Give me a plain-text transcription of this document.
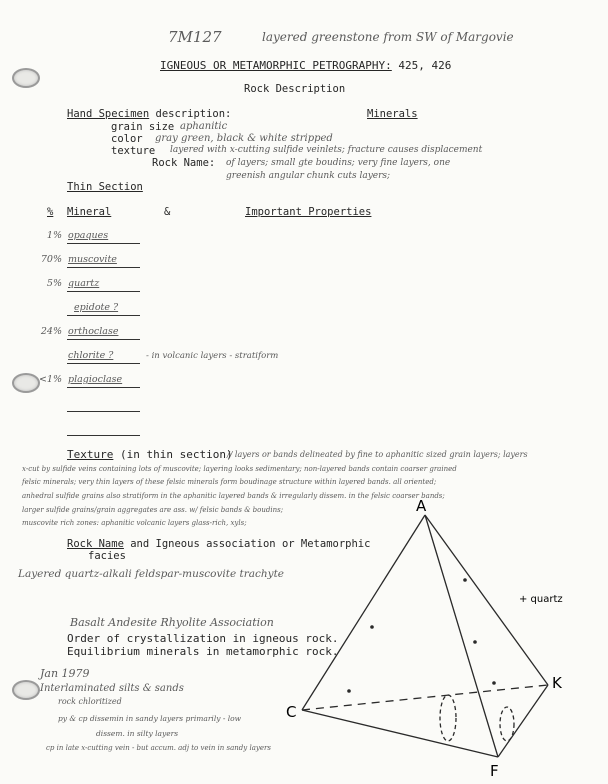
7M127	layered greenstone from SW of Margovie
IGNEOUS OR METAMORPHIC PETROGRAPHY: 425, 426
Rock Description
Hand Specimen description:	Minerals
grain size aphanitic
color gray green, black & white stripped
texture layered with x-cutting sulfide veinlets; fracture causes displacement
Rock Name: of layers; small gte boudins; very fine layers, one
greenish angular chunk cuts layers;
Thin Section
% Mineral	&	Important Properties
1% opaques
70% muscovite
5% quartz
epidote ?
24% orthoclase
chlorite ?	- in volcanic layers - stratiform
<1% plagioclase
Texture (in thin section)
// layers or bands delineated by fine to aphanitic sized grain layers; layers
x-cut by sulfide veins containing lots of muscovite; layering looks sedimentary; non-layered bands contain coarser grained
felsic minerals; very thin layers of these felsic minerals form boudinage structure within layered bands. all oriented;
anhedral sulfide grains also stratiform in the aphanitic layered bands & irregularly dissem. in the felsic coarser bands;
larger sulfide grains/grain aggregates are ass. w/ felsic bands & boudins;
muscovite rich zones: aphanitic volcanic layers glass-rich, xyls;
Rock Name and Igneous association or Metamorphic
facies
Layered quartz-alkali feldspar-muscovite trachyte
Basalt Andesite Rhyolite Association
Order of crystallization in igneous rock.
Equilibrium minerals in metamorphic rock.
Jan 1979
Interlaminated silts & sands
rock chloritized
py & cp dissemin in sandy layers primarily - low
dissem. in silty layers
cp in late x-cutting vein - but accum. adj to vein in sandy layers
A
C
K
F
+ quartz
